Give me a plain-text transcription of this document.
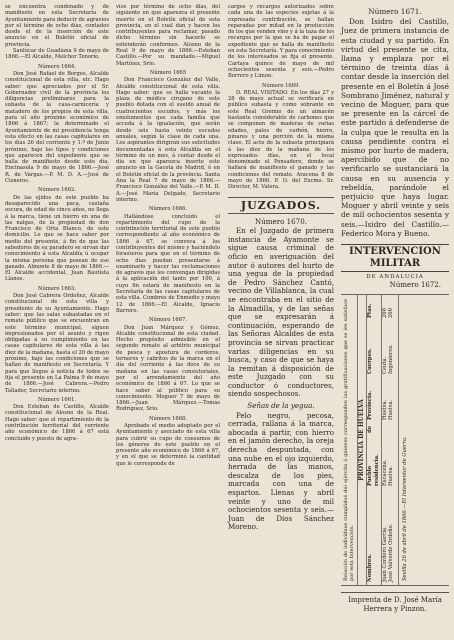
se encuentra condenado y de manifiesto en esta Secretaría de Ayuntamiento para deducir de agravios por el término de ocho días, contados desde el de la inserción de este anuncio en el Boletín oficial de provincia.

Sanlúcar de Guadiana 9 de mayo de 1866.—El Alcalde, Melchor Tenorio.

Número 1664.

Don José Rafael de Borges, Alcalde constitucional de esta villa, etc. Hago saber: que apreciados por el Sr. Gobernador civil de la provincia los diligencias preliminares para la subasta de la casa-carnicería y matadero de los propios de esta villa, para el año próximo económico de 1866 á 1867; la determinado el Ayuntamiento de mi presidencia tenga esta efecto en las casas capitulares en los días 26 del corriente y 1.º de Junio próximo, bajo las tipos y condiciones que aparecen del expediente que se halla de manifiesto desde este día. Encinasola 9 de mayo de 1866.—José R. de Vargas.—P. M. D. A.—José de Cisneros.

Número 1662.

De las ejidos de este pueblo ha desaparecido una paca, castaña oscura, de edad de cinco años, no llega á la marca, tiene un hierro en una de las nalgas, de la propiedad de don Francisco de Orta Blanco, de este domicilio. Lo que se hace saber por medio del presente, á fin de que las sabedores de su paradero se sirvan dar conocimiento á esta Alcaldía ú ocupar la misma persona que posean de ese ganado. Almonte 8 de mayo de 1866.—El Alcalde accidental, Juan Bautista Llanos.

Número 1663.

Don José Cabrera Ordoñez, Alcalde constitucional de esta villa y presidente de su Ayuntamiento. Hago saber: que las salas subastadas en el remate público que se encuentran en este término municipal, siguen impresionados por el asunto y rigen obligadas á su cumplimiento en las casas capitulares de esta villa á las diez de la mañana, hasta el 20 de mayo próximo, bajo las condiciones que se hallan de manifiesto en Secretaría. Y para que llegue á noticia de todos se fija el presente en La Palma 9 de mayo de 1866.—José Cabrera.—Pedro Tallader, Secretario interino.

Número 1661.

Don Esteban de Castillo, Alcalde constitucional de Alosno de la Real. Hago saber: que el repartimiento de la contribución territorial del corriente año económico de 1866 á 67 está concluido y puesto de agra-

vios por término de ocho días, del siguiente en que aparezca el presente inserto en el Boletín oficial de esta provincia, en el cual dan y hacen los contribuyentes para reclamar, pasado dicho término sin hacerlo se entenderán conformes. Alosno de la Real 9 de mayo de 1866.—Esteban Castillo.—Por su mandado.—Miguel Martínez, Srio.

Número 1665

Don Francisco González del Valle, Alcalde constitucional de esta villa. Hago saber: que se halla vacante la plaza de médico cirujano de este pueblo dotada con el sueldo anual de cuatrocientos escudos, y más los emolumentos que cada familia que acceda á la igualación, que serán desde seis hasta veinte escudos anuales, según la clase de cada una. Los aspirantes dirigirán sus solicitudes documentadas á esta Alcaldía en el término de un mes, á contar desde el día en que aparezca inserto este anuncio en la Gaceta de Madrid, ó en el Boletín oficial de la provincia. Santa Ana la Real 7 de mayo de 1866.—Francisco González del Valle.—P. M. D. A.—José María Delgado, Secretario interino.

Número 1666.

Hallándose concluido el repartimiento del cupo de la contribución territorial de este pueblo correspondiente al año económico de 1866 á 67, se convoca á los contribuyentes del mismo y haciéndolo forasteros para que en el término de ocho días puedan presentarse á examinarlo y hacer las reclamaciones de agravio que les convengan dirigidas á la aplicación del tanto por 100, á cuyo fin estará de manifiesto en la Secretaría de las casas capitulares de esta villa. Cumbres de Enmedio y mayo 12 de 1866.—El Alcalde, Ignacio Barrero.

Número 1667.

Don Juan Márquez y Gómez, Alcalde constitucional de esta ciudad. Hecho propósito admisible en el segundo remate al arbitrio municipal de pesca y apostura de corderos, terneros y cabritos de la marca en el día del corriente á las doce de su mañana en las casas consistoriales, por el arrendamiento del año económico de 1866 á 67. Lo que se hace saber al público para su conocimiento. Moguer 7 de mayo de 1866.—Juan Márquez.—Tomás Rodríguez, Srio.

Número 1668.

Aprobado el medio adoptado por el Ayuntamiento y asociado de esta villa para cubrir su cupo de consumos de los géneros de este pueblo en el presente año económico de 1866 á 67, y en el que se determinó la cantidad que le corresponde de

cargos y recargos autorizados sobre cada una de las especies sujetas á la expresada contribución, se hallan reparadas por mitad en la producción de los que venden vino y á la taza de los recargos por la que se ha de pagar el expediente que se halla de manifiesto en esta Secretaría. Y para conocimiento de los interesados se fija el presente. Cartaya quince de mayo de mil ochocientos sesenta y seis.—Pedro Borrero y Limon.

Número 1669.

D. REAL VISITADO. En los días 27 y 28 de mayo actual se verificará en público subasta y como sobrante en este Real Gremio de un almacén bastante considerable de carbones que se componen de maderas de varias edades, palos de carbón, hierro, pinares y una porción de la misma clase. El acto de la subasta principiará á las diez de la mañana de los expresados días, en el local denominado el Ponsadero, donde se hallará de manifiesto el ganado y las condiciones del remate. Aracena 8 de mayo de 1866. P. O. del Excmo. Sr. Director, M. Valera.

JUZGADOS.
Número 1670.

En el Juzgado de primera instancia de Ayamonte se sigue causa criminal de oficio en averiguación del autor ó autores del hurto de una yegua de la propiedad de Pedro Sánchez Cantó, vecino de Villablanca, la cual se encontraba en el sitio de la Almadilla, y de las señas que se expresarán á continuación, esperando de las Señoras Alcaldes de esta provincia se sirvan practicar varias diligencias en su busca, y caso de que se haya la remitan á disposición de este Juzgado con su conductor ó conductores, siendo sospechosos.

Señas de la yegua.

Pelo negro, pecosa, cerrada, rallana á la marca, abocada á partir, con hierro en el jamón derecho, la oreja derecha despuntada, con una nube en el ojo izquierdo, herrada de las manos, descalza de los pies, marcada con una de espartos. Llenas y abril veinte y uno de mil ochocientos sesenta y seis.—Juan de Dios Sánchez Moreno.

Número 1671.

Don Isidro del Castillo, Juez de primera instancia de esta ciudad y su partido. En virtud del presente se cita, llama y emplaza por el término de treinta días á contar desde la inserción del presente en el Boletín á José Sombrano Jiménez, natural y vecino de Moguer, para que se presente en la cárcel de este partido á defenderse de la culpa que le resulta en la causa pendiente contra el mismo por hurto de madera, apercibido que de no verificarlo se sustanciará la causa en su ausencia y rebeldía, parándole el perjuicio que haya lugar. Moguer y abril veinte y seis de mil ochocientos sesenta y seis.—Isidro del Castillo.—Federico Mora y Bueno.

INTERVENCION MILITAR
DE ANDALUCIA
Número 1672.
Relación de individuos cumplidos del ejército á quienes corresponden las gratificaciones que se les satisface por esta Intervención.
PROVINCIA DE HUELVA
Nombres.
Pueblo de residencia.
Provincia.
Cuerpos.
Ptas.
Juan Cordero García.
Escacena.
Huelva.
Ceuta.
200
José Valverde Ordoño.
Huelva.
Huelva.
Ingenieros.
200
Sevilla 26 de abril de 1866.—El Interventor de Guerra.
Imprenta de D. José María
Herrera y Pinzon.
